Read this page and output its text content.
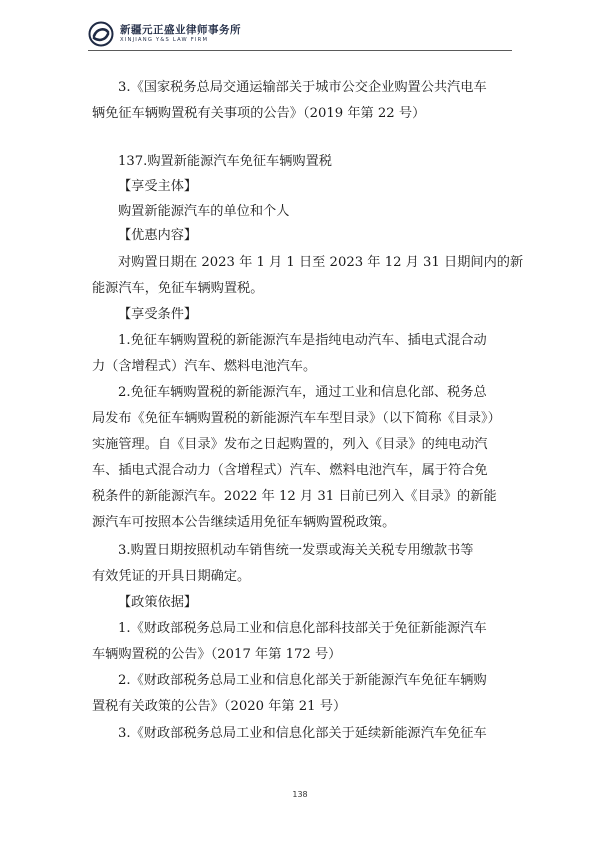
新疆元正盛业律师事务所
XINJIANG Y&S LAW FIRM
3.《国家税务总局交通运输部关于城市公交企业购置公共汽电车
辆免征车辆购置税有关事项的公告》（2019 年第 22 号）
137.购置新能源汽车免征车辆购置税
【享受主体】
购置新能源汽车的单位和个人
【优惠内容】
对购置日期在 2023 年 1 月 1 日至 2023 年 12 月 31 日期间内的新
能源汽车，免征车辆购置税。
【享受条件】
1.免征车辆购置税的新能源汽车是指纯电动汽车、插电式混合动
力（含增程式）汽车、燃料电池汽车。
2.免征车辆购置税的新能源汽车，通过工业和信息化部、税务总
局发布《免征车辆购置税的新能源汽车车型目录》（以下简称《目录》）
实施管理。自《目录》发布之日起购置的，列入《目录》的纯电动汽
车、插电式混合动力（含增程式）汽车、燃料电池汽车，属于符合免
税条件的新能源汽车。2022 年 12 月 31 日前已列入《目录》的新能
源汽车可按照本公告继续适用免征车辆购置税政策。
3.购置日期按照机动车销售统一发票或海关关税专用缴款书等
有效凭证的开具日期确定。
【政策依据】
1.《财政部税务总局工业和信息化部科技部关于免征新能源汽车
车辆购置税的公告》（2017 年第 172 号）
2.《财政部税务总局工业和信息化部关于新能源汽车免征车辆购
置税有关政策的公告》（2020 年第 21 号）
3.《财政部税务总局工业和信息化部关于延续新能源汽车免征车
138
